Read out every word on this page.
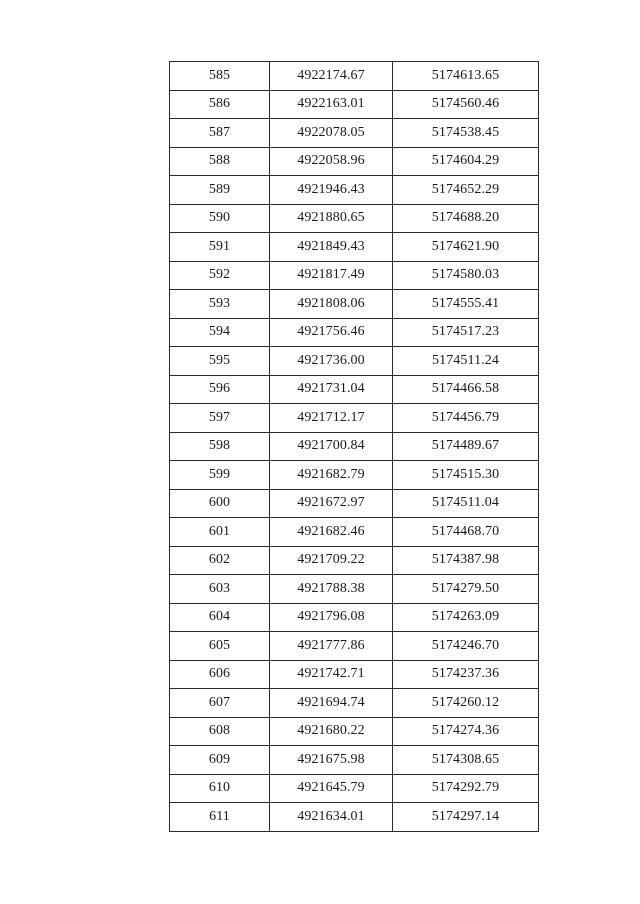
585	4922174.67	5174613.65
586	4922163.01	5174560.46
587	4922078.05	5174538.45
588	4922058.96	5174604.29
589	4921946.43	5174652.29
590	4921880.65	5174688.20
591	4921849.43	5174621.90
592	4921817.49	5174580.03
593	4921808.06	5174555.41
594	4921756.46	5174517.23
595	4921736.00	5174511.24
596	4921731.04	5174466.58
597	4921712.17	5174456.79
598	4921700.84	5174489.67
599	4921682.79	5174515.30
600	4921672.97	5174511.04
601	4921682.46	5174468.70
602	4921709.22	5174387.98
603	4921788.38	5174279.50
604	4921796.08	5174263.09
605	4921777.86	5174246.70
606	4921742.71	5174237.36
607	4921694.74	5174260.12
608	4921680.22	5174274.36
609	4921675.98	5174308.65
610	4921645.79	5174292.79
611	4921634.01	5174297.14
